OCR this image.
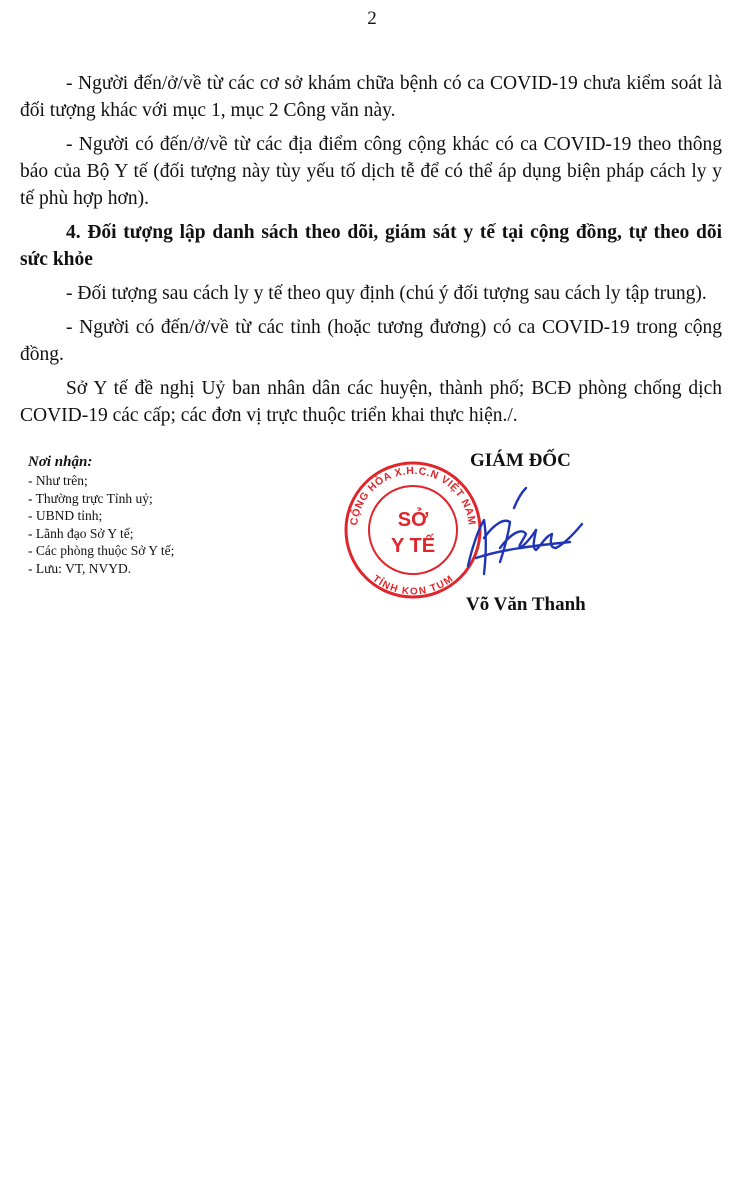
2

- Người đến/ở/về từ các cơ sở khám chữa bệnh có ca COVID-19 chưa kiểm soát là đối tượng khác với mục 1, mục 2 Công văn này.

- Người có đến/ở/về từ các địa điểm công cộng khác có ca COVID-19 theo thông báo của Bộ Y tế (đối tượng này tùy yếu tố dịch tễ để có thể áp dụng biện pháp cách ly y tế phù hợp hơn).

4. Đối tượng lập danh sách theo dõi, giám sát y tế tại cộng đồng, tự theo dõi sức khỏe

- Đối tượng sau cách ly y tế theo quy định (chú ý đối tượng sau cách ly tập trung).

- Người có đến/ở/về từ các tỉnh (hoặc tương đương) có ca COVID-19 trong cộng đồng.

Sở Y tế đề nghị Uỷ ban nhân dân các huyện, thành phố; BCĐ phòng chống dịch COVID-19 các cấp; các đơn vị trực thuộc triển khai thực hiện./.

Nơi nhận:
- Như trên;
- Thường trực Tỉnh uỷ;
- UBND tỉnh;
- Lãnh đạo Sở Y tế;
- Các phòng thuộc Sở Y tế;
- Lưu: VT, NVYD.
GIÁM ĐỐC
CỘNG HÒA X.H.C.N VIỆT NAM
TỈNH KON TUM
SỞ
Y TẾ
Võ Văn Thanh
